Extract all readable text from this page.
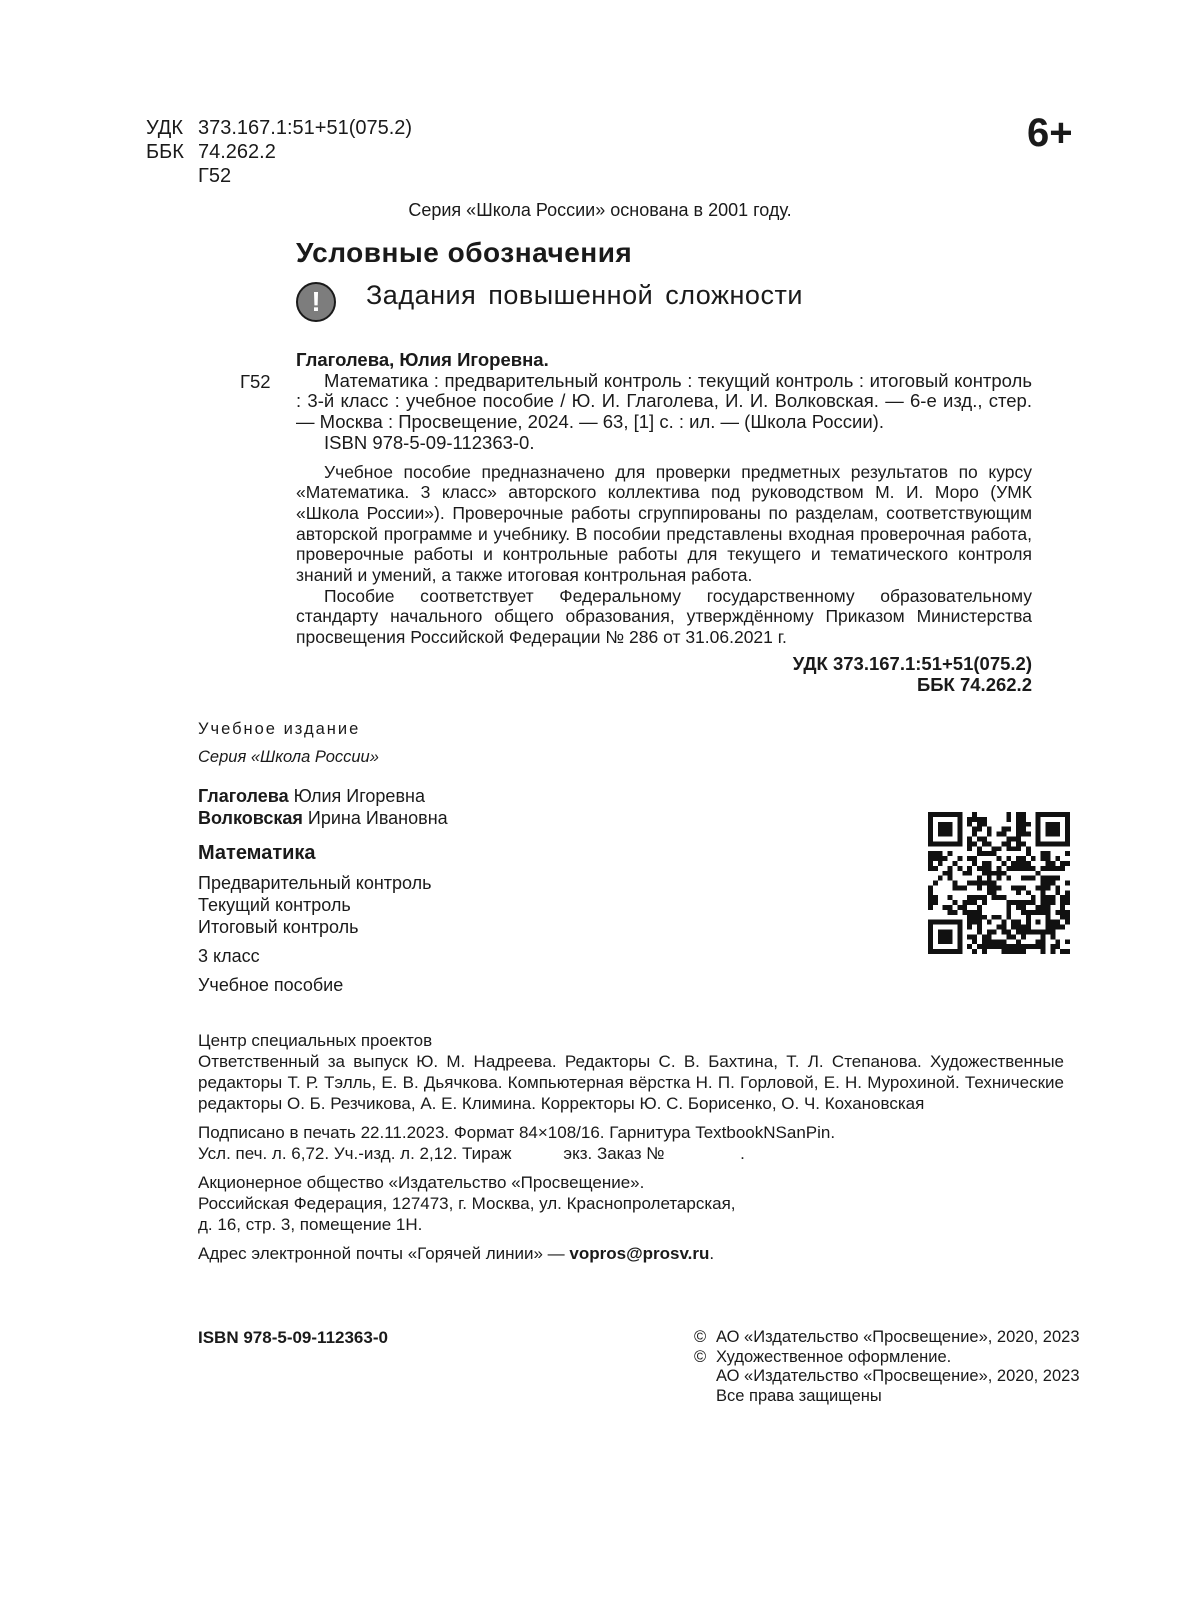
УДК 373.167.1:51+51(075.2)
ББК 74.262.2
Г52
6+
Серия «Школа России» основана в 2001 году.
Условные обозначения
!	Задания повышенной сложности
Г52
Глаголева, Юлия Игоревна.
Математика : предварительный контроль : текущий контроль : итоговый контроль : 3-й класс : учебное пособие / Ю. И. Глаголева, И. И. Волковская. — 6-е изд., стер. — Москва : Просвещение, 2024. — 63, [1] с. : ил. — (Школа России).
ISBN 978-5-09-112363-0.
Учебное пособие предназначено для проверки предметных результатов по курсу «Математика. 3 класс» авторского коллектива под руководством М. И. Моро (УМК «Школа России»). Проверочные работы сгруппированы по разделам, соответствующим авторской программе и учебнику. В пособии представлены входная проверочная работа, проверочные работы и контрольные работы для текущего и тематического контроля знаний и умений, а также итоговая контрольная работа.
Пособие соответствует Федеральному государственному образовательному стандарту начального общего образования, утверждённому Приказом Министерства просвещения Российской Федерации № 286 от 31.06.2021 г.
УДК 373.167.1:51+51(075.2)
ББК 74.262.2
Учебное издание
Серия «Школа России»
Глаголева Юлия Игоревна
Волковская Ирина Ивановна
Математика
Предварительный контроль
Текущий контроль
Итоговый контроль
3 класс
Учебное пособие
Центр специальных проектов
Ответственный за выпуск Ю. М. Надреева. Редакторы С. В. Бахтина, Т. Л. Степанова. Художественные редакторы Т. Р. Тэлль, Е. В. Дьячкова. Компьютерная вёрстка Н. П. Горловой, Е. Н. Мурохиной. Технические редакторы О. Б. Резчикова, А. Е. Климина. Корректоры Ю. С. Борисенко, О. Ч. Кохановская
Подписано в печать 22.11.2023. Формат 84×108/16. Гарнитура TextbookNSanPin.
Усл. печ. л. 6,72. Уч.-изд. л. 2,12. Тираж           экз. Заказ №                .
Акционерное общество «Издательство «Просвещение».
Российская Федерация, 127473, г. Москва, ул. Краснопролетарская,
д. 16, стр. 3, помещение 1Н.
Адрес электронной почты «Горячей линии» — vopros@prosv.ru.
ISBN 978-5-09-112363-0	© АО «Издательство «Просвещение», 2020, 2023
© Художественное оформление.
АО «Издательство «Просвещение», 2020, 2023
Все права защищены
